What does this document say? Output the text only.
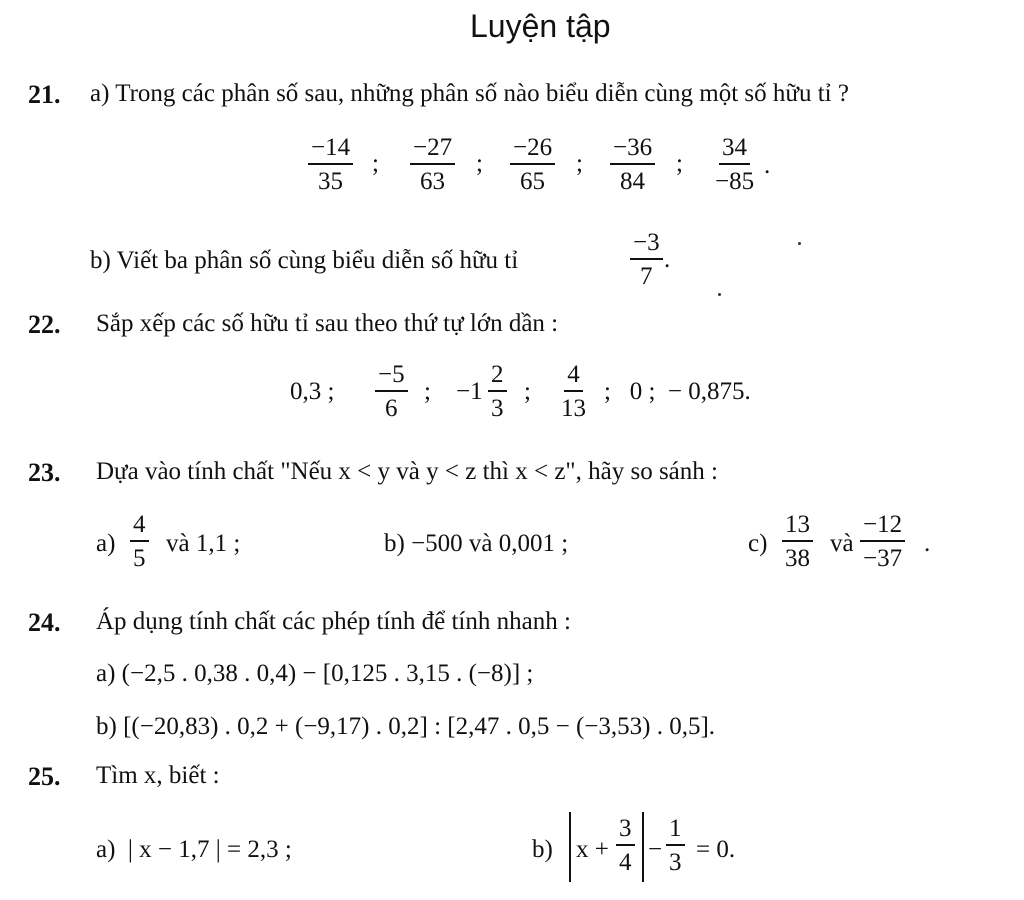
Luyện tập
21. a) Trong các phân số sau, những phân số nào biểu diễn cùng một số hữu tỉ ?
$\frac{-14}{35}$ ; $\frac{-27}{63}$ ; $\frac{-26}{65}$ ; $\frac{-36}{84}$ ; $\frac{34}{-85}$ .
b) Viết ba phân số cùng biểu diễn số hữu tỉ	$\frac{-3}{7}$ .
22. Sắp xếp các số hữu tỉ sau theo thứ tự lớn dần :
0,3 ; $\frac{-5}{6}$ ; $-1 \frac{2}{3}$ ; $\frac{4}{13}$ ;   0 ;  − 0,875.
23. Dựa vào tính chất "Nếu x < y và y < z thì x < z", hãy so sánh :
$a) \frac{4}{5}$ và 1,1 ;	b) −500 và 0,001 ;	$c) \frac{13}{38}$ và $\frac{-12}{-37}$ .
24. Áp dụng tính chất các phép tính để tính nhanh :
a) (−2,5 . 0,38 . 0,4) − [0,125 . 3,15 . (−8)] ;
b) [(−20,83) . 0,2 + (−9,17) . 0,2] : [2,47 . 0,5 − (−3,53) . 0,5].
25. Tìm x, biết :
a)  | x − 1,7 | = 2,3 ;	b) $x + \frac{3}{4} - \frac{1}{3} = 0$.
